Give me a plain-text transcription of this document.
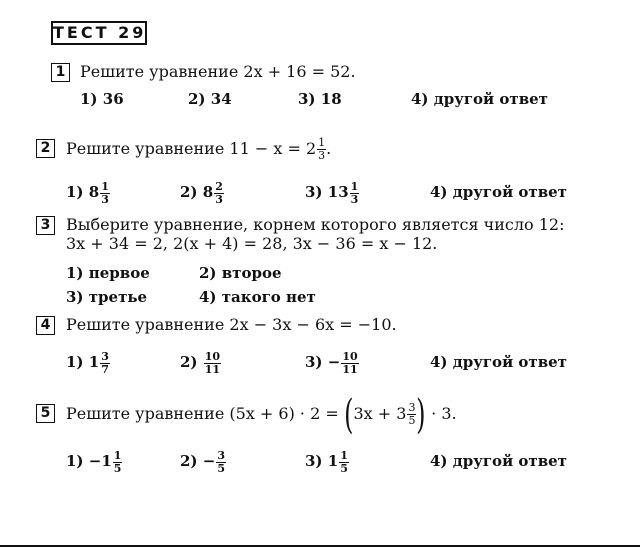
ТЕСТ 29
1 Решите уравнение 2x + 16 = 52.
1) 36	2) 34	3) 18	4) другой ответ
2 Решите уравнение $11 - x = 2 \frac{1}{3}$ .
1) $8 \frac{1}{3}$	2) $8 \frac{2}{3}$	3) $13 \frac{1}{3}$	4) другой ответ
3 Выберите уравнение, корнем которого является число 12:
3x + 34 = 2, 2(x + 4) = 28, 3x − 36 = x − 12.
1) первое	2) второе
3) третье	4) такого нет
4 Решите уравнение 2x − 3x − 6x = −10.
1) $1 \frac{3}{7}$	$2) \frac{10}{11}$	$3) - \frac{10}{11}$	4) другой ответ
5 Решите уравнение $(5x + 6) \cdot 2 = (3x + 3 \frac{3}{5}$ ) · 3.
$1) -1 \frac{1}{5}$	$2) - \frac{3}{5}$	3) $1 \frac{1}{5}$	4) другой ответ
